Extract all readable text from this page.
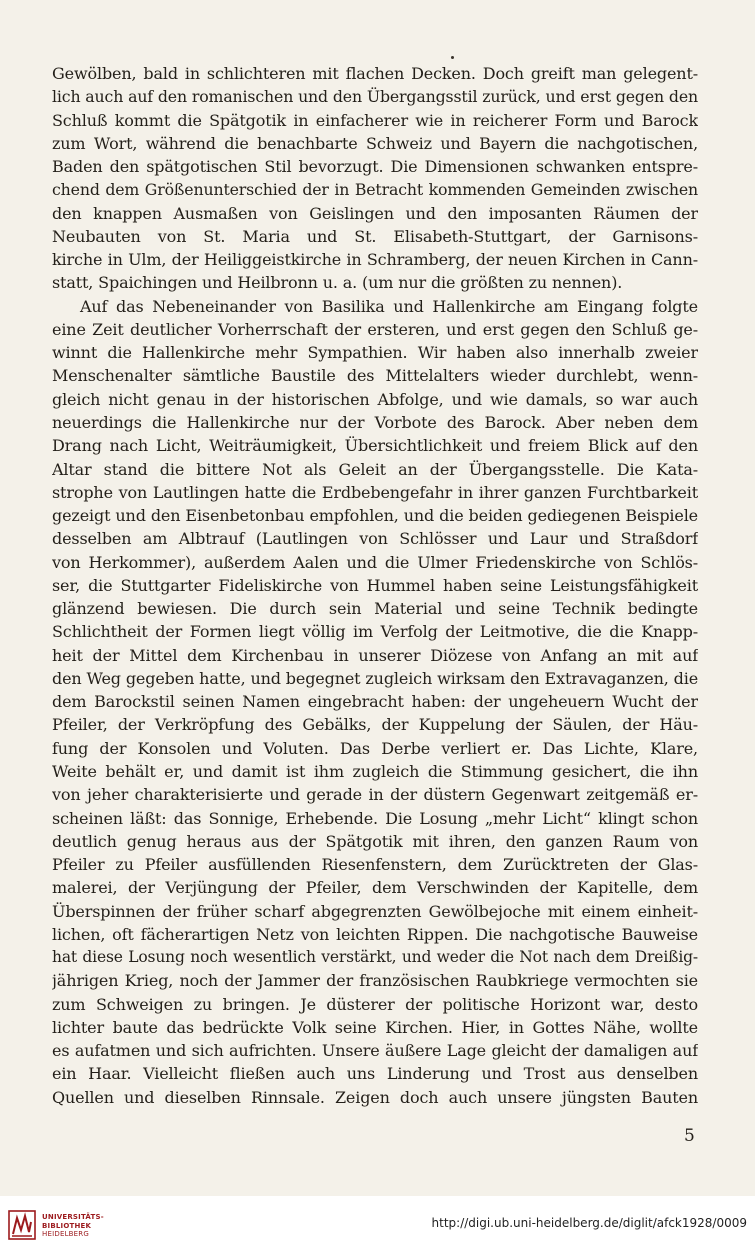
Gewölben, bald in schlichteren mit flachen Decken. Doch greift man gelegent-
lich auch auf den romanischen und den Übergangsstil zurück, und erst gegen den
Schluß kommt die Spätgotik in einfacherer wie in reicherer Form und Barock
zum Wort, während die benachbarte Schweiz und Bayern die nachgotischen,
Baden den spätgotischen Stil bevorzugt. Die Dimensionen schwanken entspre-
chend dem Größenunterschied der in Betracht kommenden Gemeinden zwischen
den knappen Ausmaßen von Geislingen und den imposanten Räumen der
Neubauten von St. Maria und St. Elisabeth-Stuttgart, der Garnisons-
kirche in Ulm, der Heiliggeistkirche in Schramberg, der neuen Kirchen in Cann-
statt, Spaichingen und Heilbronn u. a. (um nur die größten zu nennen).
Auf das Nebeneinander von Basilika und Hallenkirche am Eingang folgte
eine Zeit deutlicher Vorherrschaft der ersteren, und erst gegen den Schluß ge-
winnt die Hallenkirche mehr Sympathien. Wir haben also innerhalb zweier
Menschenalter sämtliche Baustile des Mittelalters wieder durchlebt, wenn-
gleich nicht genau in der historischen Abfolge, und wie damals, so war auch
neuerdings die Hallenkirche nur der Vorbote des Barock. Aber neben dem
Drang nach Licht, Weiträumigkeit, Übersichtlichkeit und freiem Blick auf den
Altar stand die bittere Not als Geleit an der Übergangsstelle. Die Kata-
strophe von Lautlingen hatte die Erdbebengefahr in ihrer ganzen Furchtbarkeit
gezeigt und den Eisenbetonbau empfohlen, und die beiden gediegenen Beispiele
desselben am Albtrauf (Lautlingen von Schlösser und Laur und Straßdorf
von Herkommer), außerdem Aalen und die Ulmer Friedenskirche von Schlös-
ser, die Stuttgarter Fideliskirche von Hummel haben seine Leistungsfähigkeit
glänzend bewiesen. Die durch sein Material und seine Technik bedingte
Schlichtheit der Formen liegt völlig im Verfolg der Leitmotive, die die Knapp-
heit der Mittel dem Kirchenbau in unserer Diözese von Anfang an mit auf
den Weg gegeben hatte, und begegnet zugleich wirksam den Extravaganzen, die
dem Barockstil seinen Namen eingebracht haben: der ungeheuern Wucht der
Pfeiler, der Verkröpfung des Gebälks, der Kuppelung der Säulen, der Häu-
fung der Konsolen und Voluten. Das Derbe verliert er. Das Lichte, Klare,
Weite behält er, und damit ist ihm zugleich die Stimmung gesichert, die ihn
von jeher charakterisierte und gerade in der düstern Gegenwart zeitgemäß er-
scheinen läßt: das Sonnige, Erhebende. Die Losung „mehr Licht“ klingt schon
deutlich genug heraus aus der Spätgotik mit ihren, den ganzen Raum von
Pfeiler zu Pfeiler ausfüllenden Riesenfenstern, dem Zurücktreten der Glas-
malerei, der Verjüngung der Pfeiler, dem Verschwinden der Kapitelle, dem
Überspinnen der früher scharf abgegrenzten Gewölbejoche mit einem einheit-
lichen, oft fächerartigen Netz von leichten Rippen. Die nachgotische Bauweise
hat diese Losung noch wesentlich verstärkt, und weder die Not nach dem Dreißig-
jährigen Krieg, noch der Jammer der französischen Raubkriege vermochten sie
zum Schweigen zu bringen. Je düsterer der politische Horizont war, desto
lichter baute das bedrückte Volk seine Kirchen. Hier, in Gottes Nähe, wollte
es aufatmen und sich aufrichten. Unsere äußere Lage gleicht der damaligen auf
ein Haar. Vielleicht fließen auch uns Linderung und Trost aus denselben
Quellen und dieselben Rinnsale. Zeigen doch auch unsere jüngsten Bauten
5
UNIVERSITÄTS-
BIBLIOTHEK
HEIDELBERG
http://digi.ub.uni-heidelberg.de/diglit/afck1928/0009
